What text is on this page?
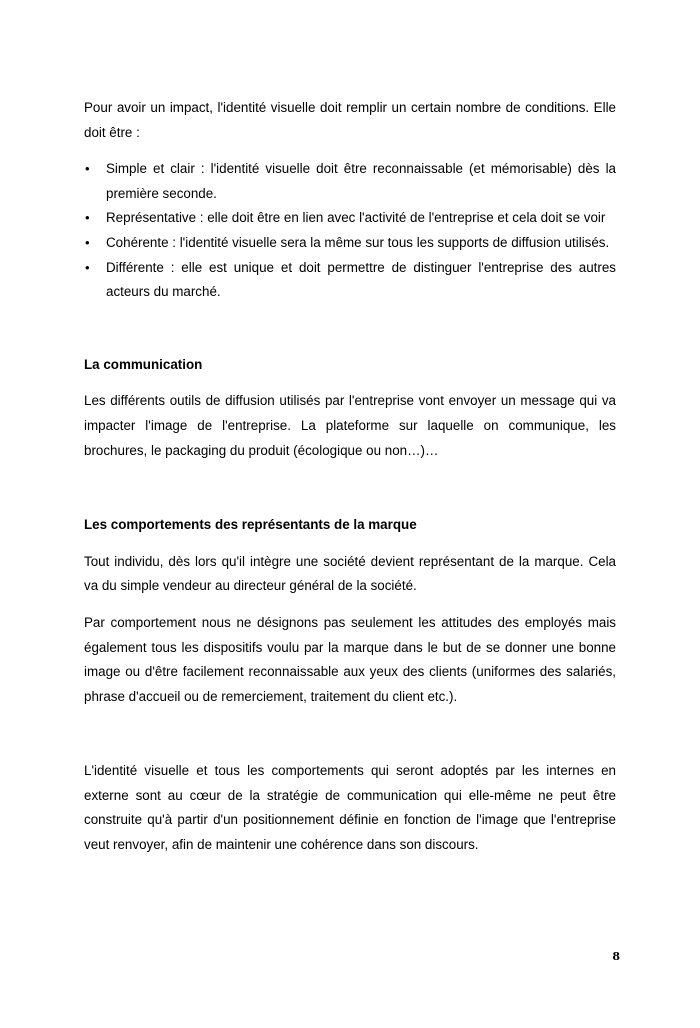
Pour avoir un impact, l'identité visuelle doit remplir un certain nombre de conditions. Elle doit être :

• Simple et clair : l'identité visuelle doit être reconnaissable (et mémorisable) dès la première seconde.
• Représentative : elle doit être en lien avec l'activité de l'entreprise et cela doit se voir
• Cohérente : l'identité visuelle sera la même sur tous les supports de diffusion utilisés.
• Différente : elle est unique et doit permettre de distinguer l'entreprise des autres acteurs du marché.
La communication

Les différents outils de diffusion utilisés par l'entreprise vont envoyer un message qui va impacter l'image de l'entreprise. La plateforme sur laquelle on communique, les brochures, le packaging du produit (écologique ou non…)…

Les comportements des représentants de la marque

Tout individu, dès lors qu'il intègre une société devient représentant de la marque. Cela va du simple vendeur au directeur général de la société.

Par comportement nous ne désignons pas seulement les attitudes des employés mais également tous les dispositifs voulu par la marque dans le but de se donner une bonne image ou d'être facilement reconnaissable aux yeux des clients (uniformes des salariés, phrase d'accueil ou de remerciement, traitement du client etc.).

L'identité visuelle et tous les comportements qui seront adoptés par les internes en externe sont au cœur de la stratégie de communication qui elle-même ne peut être construite qu'à partir d'un positionnement définie en fonction de l'image que l'entreprise veut renvoyer, afin de maintenir une cohérence dans son discours.

8
